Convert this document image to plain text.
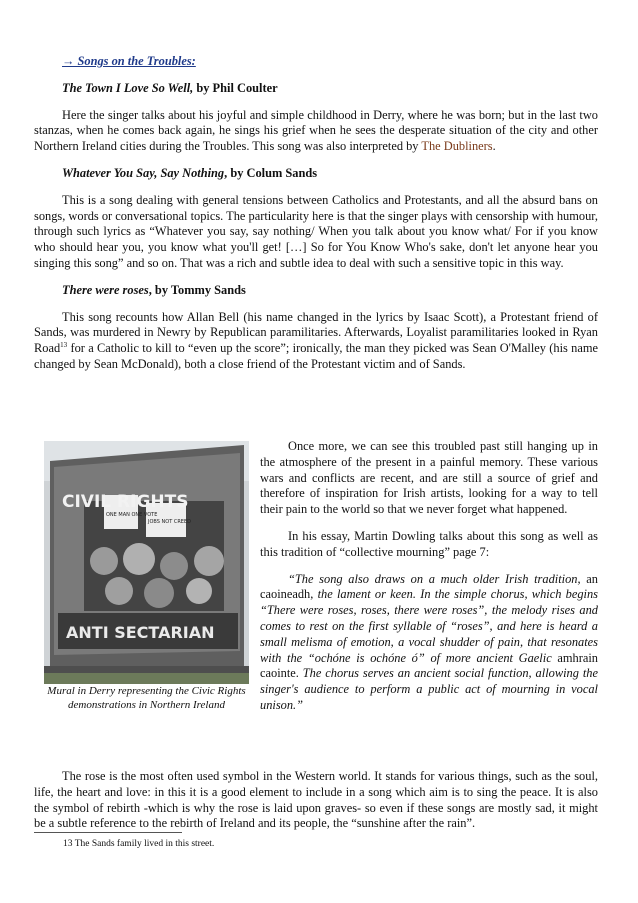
→ Songs on the Troubles:

The Town I Love So Well, by Phil Coulter

Here the singer talks about his joyful and simple childhood in Derry, where he was born; but in the last two stanzas, when he comes back again, he sings his grief when he sees the desperate situation of the city and other Northern Ireland cities during the Troubles. This song was also interpreted by The Dubliners.

Whatever You Say, Say Nothing, by Colum Sands

This is a song dealing with general tensions between Catholics and Protestants, and all the absurd bans on songs, words or conversational topics. The particularity here is that the singer plays with censorship with humour, through such lyrics as “Whatever you say, say nothing/ When you talk about you know what/ For if you know who should hear you, you know what you'll get! […] So for You Know Who's sake, don't let anyone hear you singing this song” and so on. That was a rich and subtle idea to deal with such a sensitive topic in this way.

There were roses, by Tommy Sands

This song recounts how Allan Bell (his name changed in the lyrics by Isaac Scott), a Protestant friend of Sands, was murdered in Newry by Republican paramilitaries. Afterwards, Loyalist paramilitaries looked in Ryan Road$^{13}$ for a Catholic to kill to “even up the score”; ironically, the man they picked was Sean O'Malley (his name changed by Sean McDonald), both a close friend of the Protestant victim and of Sands.

CIVIL RIGHTS
ONE MAN ONE VOTE
JOBS NOT CREED
ANTI SECTARIAN
Mural in Derry representing the Civic Rights demonstrations in Northern Ireland

Once more, we can see this troubled past still hanging up in the atmosphere of the present in a painful memory. These various wars and conflicts are recent, and are still a source of grief and therefore of inspiration for Irish artists, looking for a way to tell their pain to the world so that we never forget what happened.

In his essay, Martin Dowling talks about this song as well as this tradition of “collective mourning” page 7:

“The song also draws on a much older Irish tradition, an caoineadh, the lament or keen. In the simple chorus, which begins “There were roses, roses, there were roses”, the melody rises and comes to rest on the first syllable of “roses”, and here is heard a small melisma of emotion, a vocal shudder of pain, that resonates with the “ochóne is ochóne ó” of more ancient Gaelic amhrain caointe. The chorus serves an ancient social function, allowing the singer's audience to perform a public act of mourning in vocal unison.”

The rose is the most often used symbol in the Western world. It stands for various things, such as the soul, life, the heart and love: in this it is a good element to include in a song which aim is to sing the peace. It is also the symbol of rebirth -which is why the rose is laid upon graves- so even if these songs are mostly sad, it might be a subtle reference to the rebirth of Ireland and its people, the “sunshine after the rain”.

13 The Sands family lived in this street.
